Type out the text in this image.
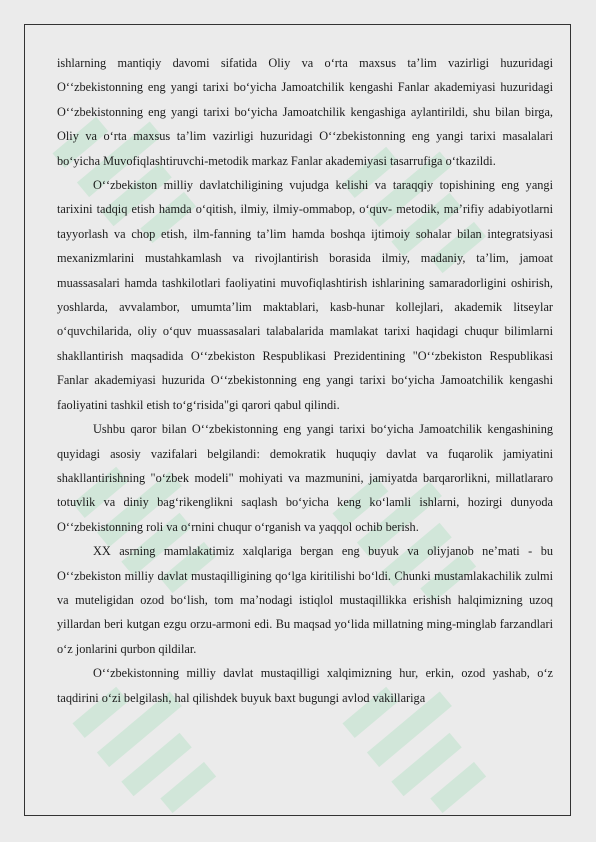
ishlarning mantiqiy davomi sifatida Oliy va oʻrta maxsus taʼlim vazirligi huzuridagi Oʻʻzbekistonning eng yangi tarixi boʻyicha Jamoatchilik kengashi Fanlar akademiyasi huzuridagi Oʻʻzbekistonning eng yangi tarixi boʻyicha Jamoatchilik kengashiga aylantirildi, shu bilan birga, Oliy va oʻrta maxsus taʼlim vazirligi huzuridagi Oʻʻzbekistonning eng yangi tarixi masalalari boʻyicha Muvofiqlashtiruvchi-metodik markaz Fanlar akademiyasi tasarrufiga oʻtkazildi.

Oʻʻzbekiston milliy davlatchiligining vujudga kelishi va taraqqiy topishining eng yangi tarixini tadqiq etish hamda oʻqitish, ilmiy, ilmiy-ommabop, oʻquv- metodik, maʼrifiy adabiyotlarni tayyorlash va chop etish, ilm-fanning taʼlim hamda boshqa ijtimoiy sohalar bilan integratsiyasi mexanizmlarini mustahkamlash va rivojlantirish borasida ilmiy, madaniy, taʼlim, jamoat muassasalari hamda tashkilotlari faoliyatini muvofiqlashtirish ishlarining samaradorligini oshirish, yoshlarda, avvalambor, umumtaʼlim maktablari, kasb-hunar kollejlari, akademik litseylar oʻquvchilarida, oliy oʻquv muassasalari talabalarida mamlakat tarixi haqidagi chuqur bilimlarni shakllantirish maqsadida Oʻʻzbekiston Respublikasi Prezidentining "Oʻʻzbekiston Respublikasi Fanlar akademiyasi huzurida Oʻʻzbekistonning eng yangi tarixi boʻyicha Jamoatchilik kengashi faoliyatini tashkil etish toʻgʻrisida"gi qarori qabul qilindi.

Ushbu qaror bilan Oʻʻzbekistonning eng yangi tarixi boʻyicha Jamoatchilik kengashining quyidagi asosiy vazifalari belgilandi: demokratik huquqiy davlat va fuqarolik jamiyatini shakllantirishning "oʻzbek modeli" mohiyati va mazmunini, jamiyatda barqarorlikni, millatlararo totuvlik va diniy bagʻrikenglikni saqlash boʻyicha keng koʻlamli ishlarni, hozirgi dunyoda Oʻʻzbekistonning roli va oʻrnini chuqur oʻrganish va yaqqol ochib berish.

XX asrning mamlakatimiz xalqlariga bergan eng buyuk va oliyjanob neʼmati - bu Oʻʻzbekiston milliy davlat mustaqilligining qoʻlga kiritilishi boʻldi. Chunki mustamlakachilik zulmi va muteligidan ozod boʻlish, tom maʼnodagi istiqlol mustaqillikka erishish halqimizning uzoq yillardan beri kutgan ezgu orzu-armoni edi. Bu maqsad yoʻlida millatning ming-minglab farzandlari oʻz jonlarini qurbon qildilar.

Oʻʻzbekistonning milliy davlat mustaqilligi xalqimizning hur, erkin, ozod yashab, oʻz taqdirini oʻzi belgilash, hal qilishdek buyuk baxt bugungi avlod vakillariga
